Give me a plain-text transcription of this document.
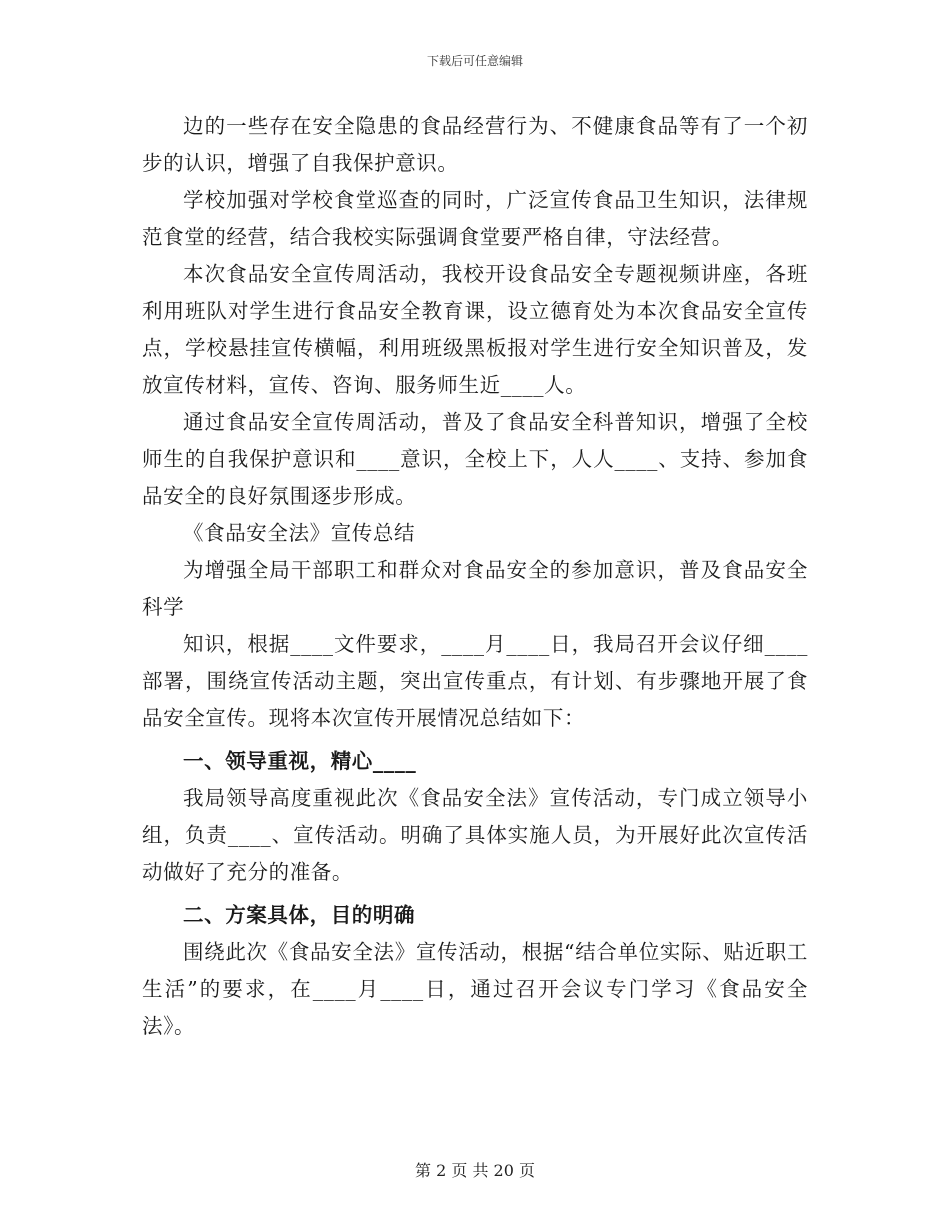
下载后可任意编辑

边的一些存在安全隐患的食品经营行为、不健康食品等有了一个初步的认识，增强了自我保护意识。

学校加强对学校食堂巡查的同时，广泛宣传食品卫生知识，法律规范食堂的经营，结合我校实际强调食堂要严格自律，守法经营。

本次食品安全宣传周活动，我校开设食品安全专题视频讲座，各班利用班队对学生进行食品安全教育课，设立德育处为本次食品安全宣传点，学校悬挂宣传横幅，利用班级黑板报对学生进行安全知识普及，发放宣传材料，宣传、咨询、服务师生近____人。

通过食品安全宣传周活动，普及了食品安全科普知识，增强了全校师生的自我保护意识和____意识，全校上下，人人____、支持、参加食品安全的良好氛围逐步形成。

《食品安全法》宣传总结

为增强全局干部职工和群众对食品安全的参加意识，普及食品安全科学

知识，根据____文件要求，____月____日，我局召开会议仔细____部署，围绕宣传活动主题，突出宣传重点，有计划、有步骤地开展了食品安全宣传。现将本次宣传开展情况总结如下：

一、领导重视，精心____

我局领导高度重视此次《食品安全法》宣传活动，专门成立领导小组，负责____、宣传活动。明确了具体实施人员，为开展好此次宣传活动做好了充分的准备。

二、方案具体，目的明确

围绕此次《食品安全法》宣传活动，根据“结合单位实际、贴近职工生活”的要求，在____月____日，通过召开会议专门学习《食品安全法》。

第 2 页 共 20 页
